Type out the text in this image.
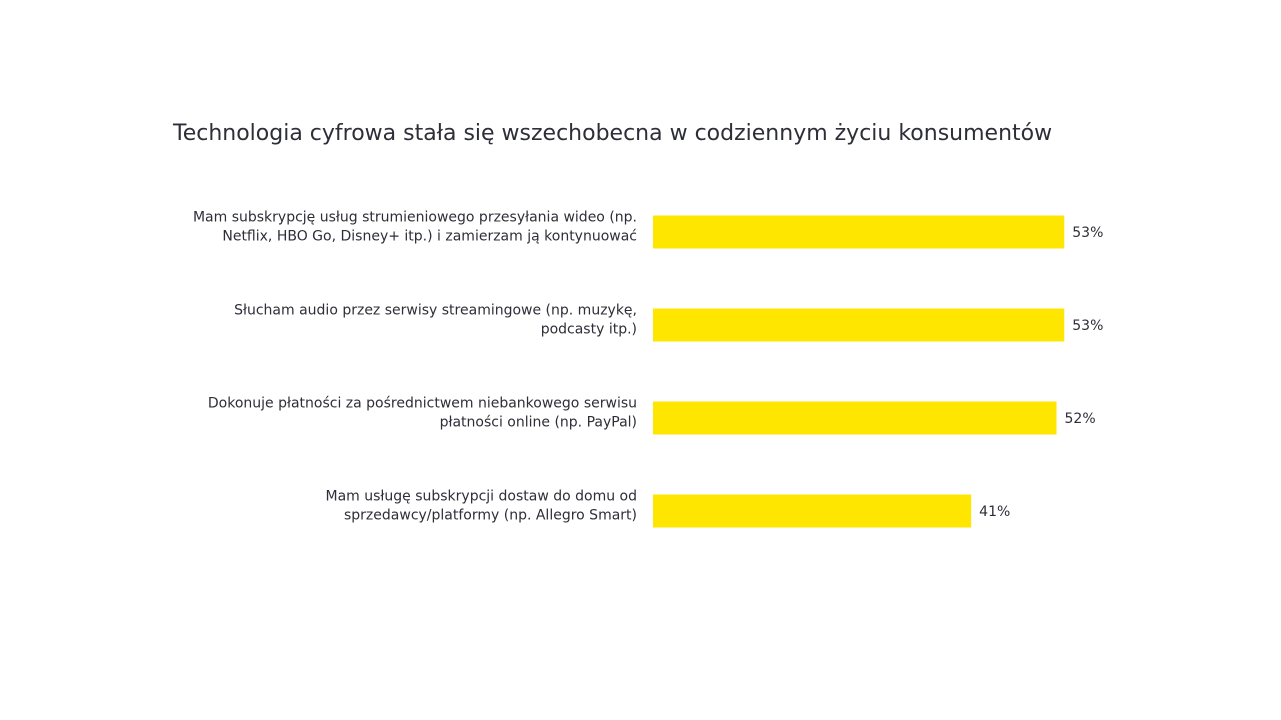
Technologia cyfrowa stała się wszechobecna w codziennym życiu konsumentów
53%
Mam subskrypcję usług strumieniowego przesyłania wideo (np. Netflix, HBO Go, Disney+ itp.) i zamierzam ją kontynuować
53%
Słucham audio przez serwisy streamingowe (np. muzykę, podcasty itp.)
52%
Dokonuje płatności za pośrednictwem niebankowego serwisu płatności online (np. PayPal)
41%
Mam usługę subskrypcji dostaw do domu od sprzedawcy/platformy (np. Allegro Smart)
